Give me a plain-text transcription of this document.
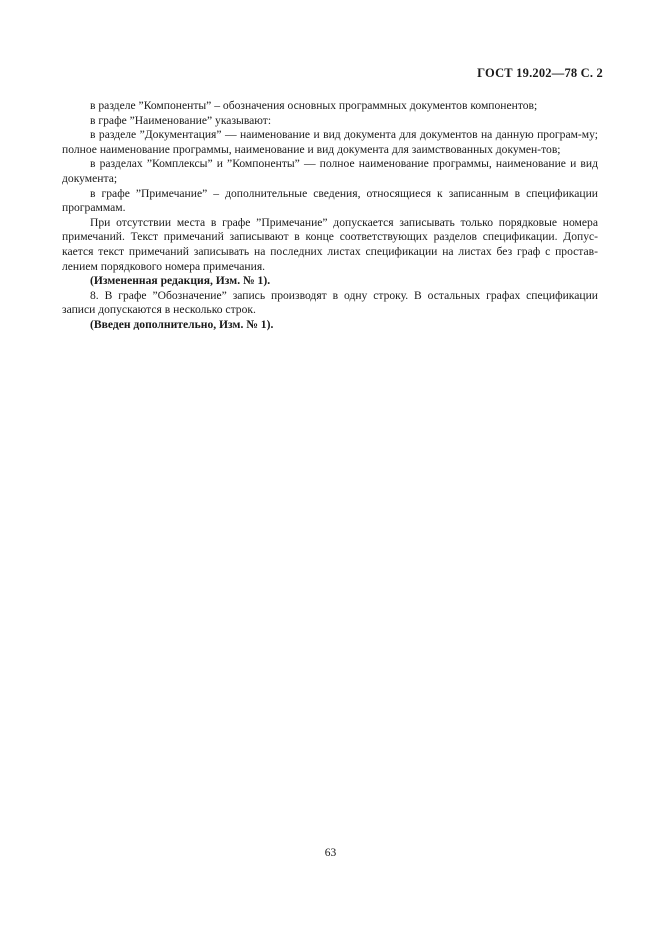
ГОСТ 19.202—78 С. 2

в разделе ”Компоненты” – обозначения основных программных документов компонентов;

в графе ”Наименование” указывают:

в разделе ”Документация” — наименование и вид документа для документов на данную програм-му; полное наименование программы, наименование и вид документа для заимствованных докумен-тов;

в разделах ”Комплексы” и ”Компоненты” — полное наименование программы, наименование и вид документа;

в графе ”Примечание” – дополнительные сведения, относящиеся к записанным в спецификации программам.

При отсутствии места в графе ”Примечание” допускается записывать только порядковые номера примечаний. Текст примечаний записывают в конце соответствующих разделов спецификации. Допус-кается текст примечаний записывать на последних листах спецификации на листах без граф с простав-лением порядкового номера примечания.

(Измененная редакция, Изм. № 1).

8. В графе ”Обозначение” запись производят в одну строку. В остальных графах спецификации записи допускаются в несколько строк.

(Введен дополнительно, Изм. № 1).

63
